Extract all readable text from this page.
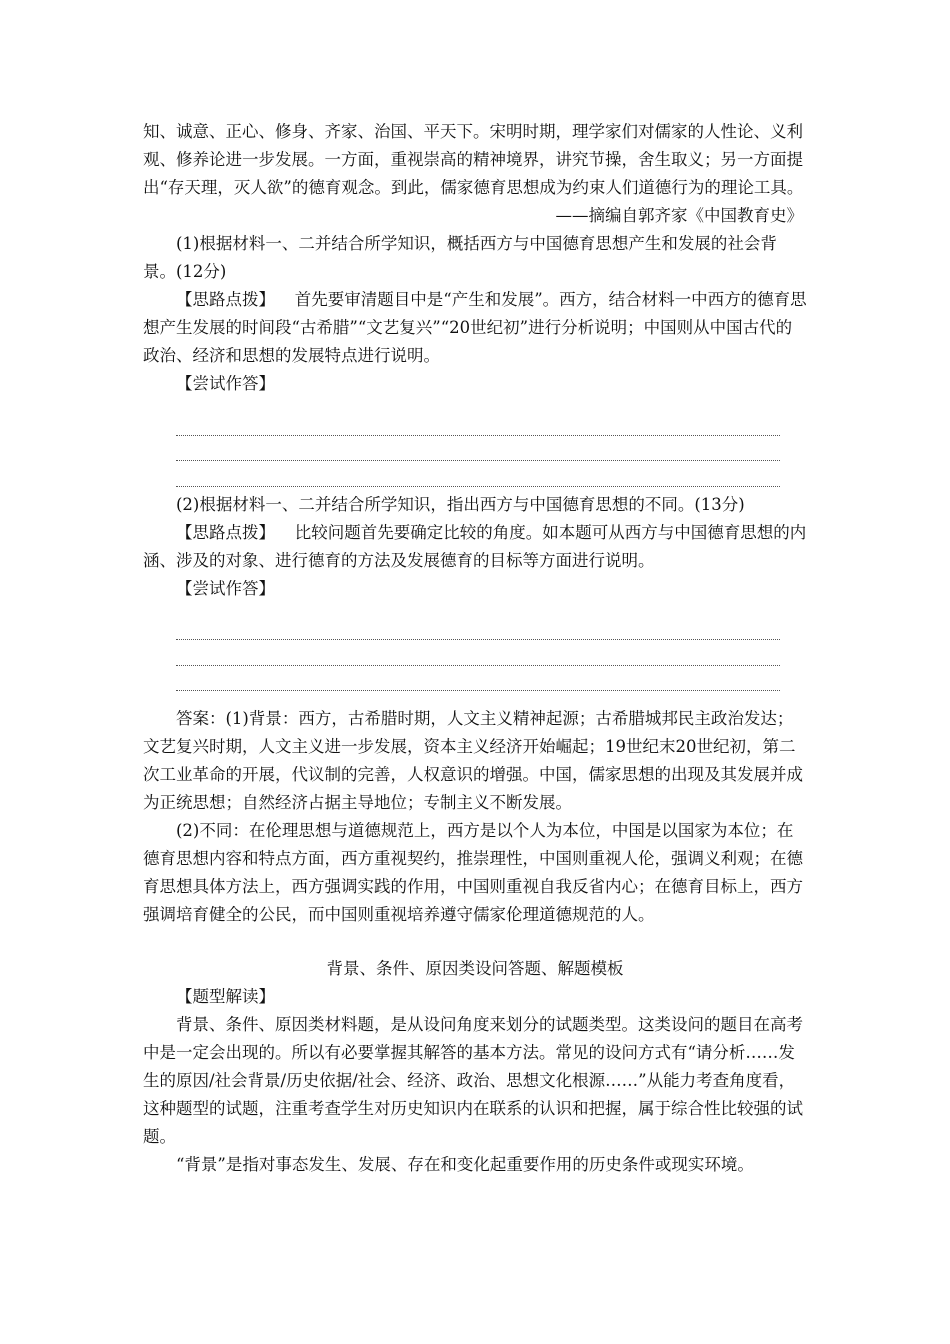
知、诚意、正心、修身、齐家、治国、平天下。宋明时期，理学家们对儒家的人性论、义利观、修养论进一步发展。一方面，重视崇高的精神境界，讲究节操，舍生取义；另一方面提出“存天理，灭人欲”的德育观念。到此，儒家德育思想成为约束人们道德行为的理论工具。

——摘编自郭齐家《中国教育史》

(1)根据材料一、二并结合所学知识，概括西方与中国德育思想产生和发展的社会背景。(12分)

【思路点拨】 首先要审清题目中是“产生和发展”。西方，结合材料一中西方的德育思想产生发展的时间段“古希腊”“文艺复兴”“20世纪初”进行分析说明；中国则从中国古代的政治、经济和思想的发展特点进行说明。

【尝试作答】

(2)根据材料一、二并结合所学知识，指出西方与中国德育思想的不同。(13分)

【思路点拨】 比较问题首先要确定比较的角度。如本题可从西方与中国德育思想的内涵、涉及的对象、进行德育的方法及发展德育的目标等方面进行说明。

【尝试作答】

答案：(1)背景：西方，古希腊时期，人文主义精神起源；古希腊城邦民主政治发达；文艺复兴时期，人文主义进一步发展，资本主义经济开始崛起；19世纪末20世纪初，第二次工业革命的开展，代议制的完善，人权意识的增强。中国，儒家思想的出现及其发展并成为正统思想；自然经济占据主导地位；专制主义不断发展。

(2)不同：在伦理思想与道德规范上，西方是以个人为本位，中国是以国家为本位；在德育思想内容和特点方面，西方重视契约，推崇理性，中国则重视人伦，强调义利观；在德育思想具体方法上，西方强调实践的作用，中国则重视自我反省内心；在德育目标上，西方强调培育健全的公民，而中国则重视培养遵守儒家伦理道德规范的人。

背景、条件、原因类设问答题、解题模板

【题型解读】

背景、条件、原因类材料题，是从设问角度来划分的试题类型。这类设问的题目在高考中是一定会出现的。所以有必要掌握其解答的基本方法。常见的设问方式有“请分析……发生的原因/社会背景/历史依据/社会、经济、政治、思想文化根源……”从能力考查角度看，这种题型的试题，注重考查学生对历史知识内在联系的认识和把握，属于综合性比较强的试题。

“背景”是指对事态发生、发展、存在和变化起重要作用的历史条件或现实环境。
